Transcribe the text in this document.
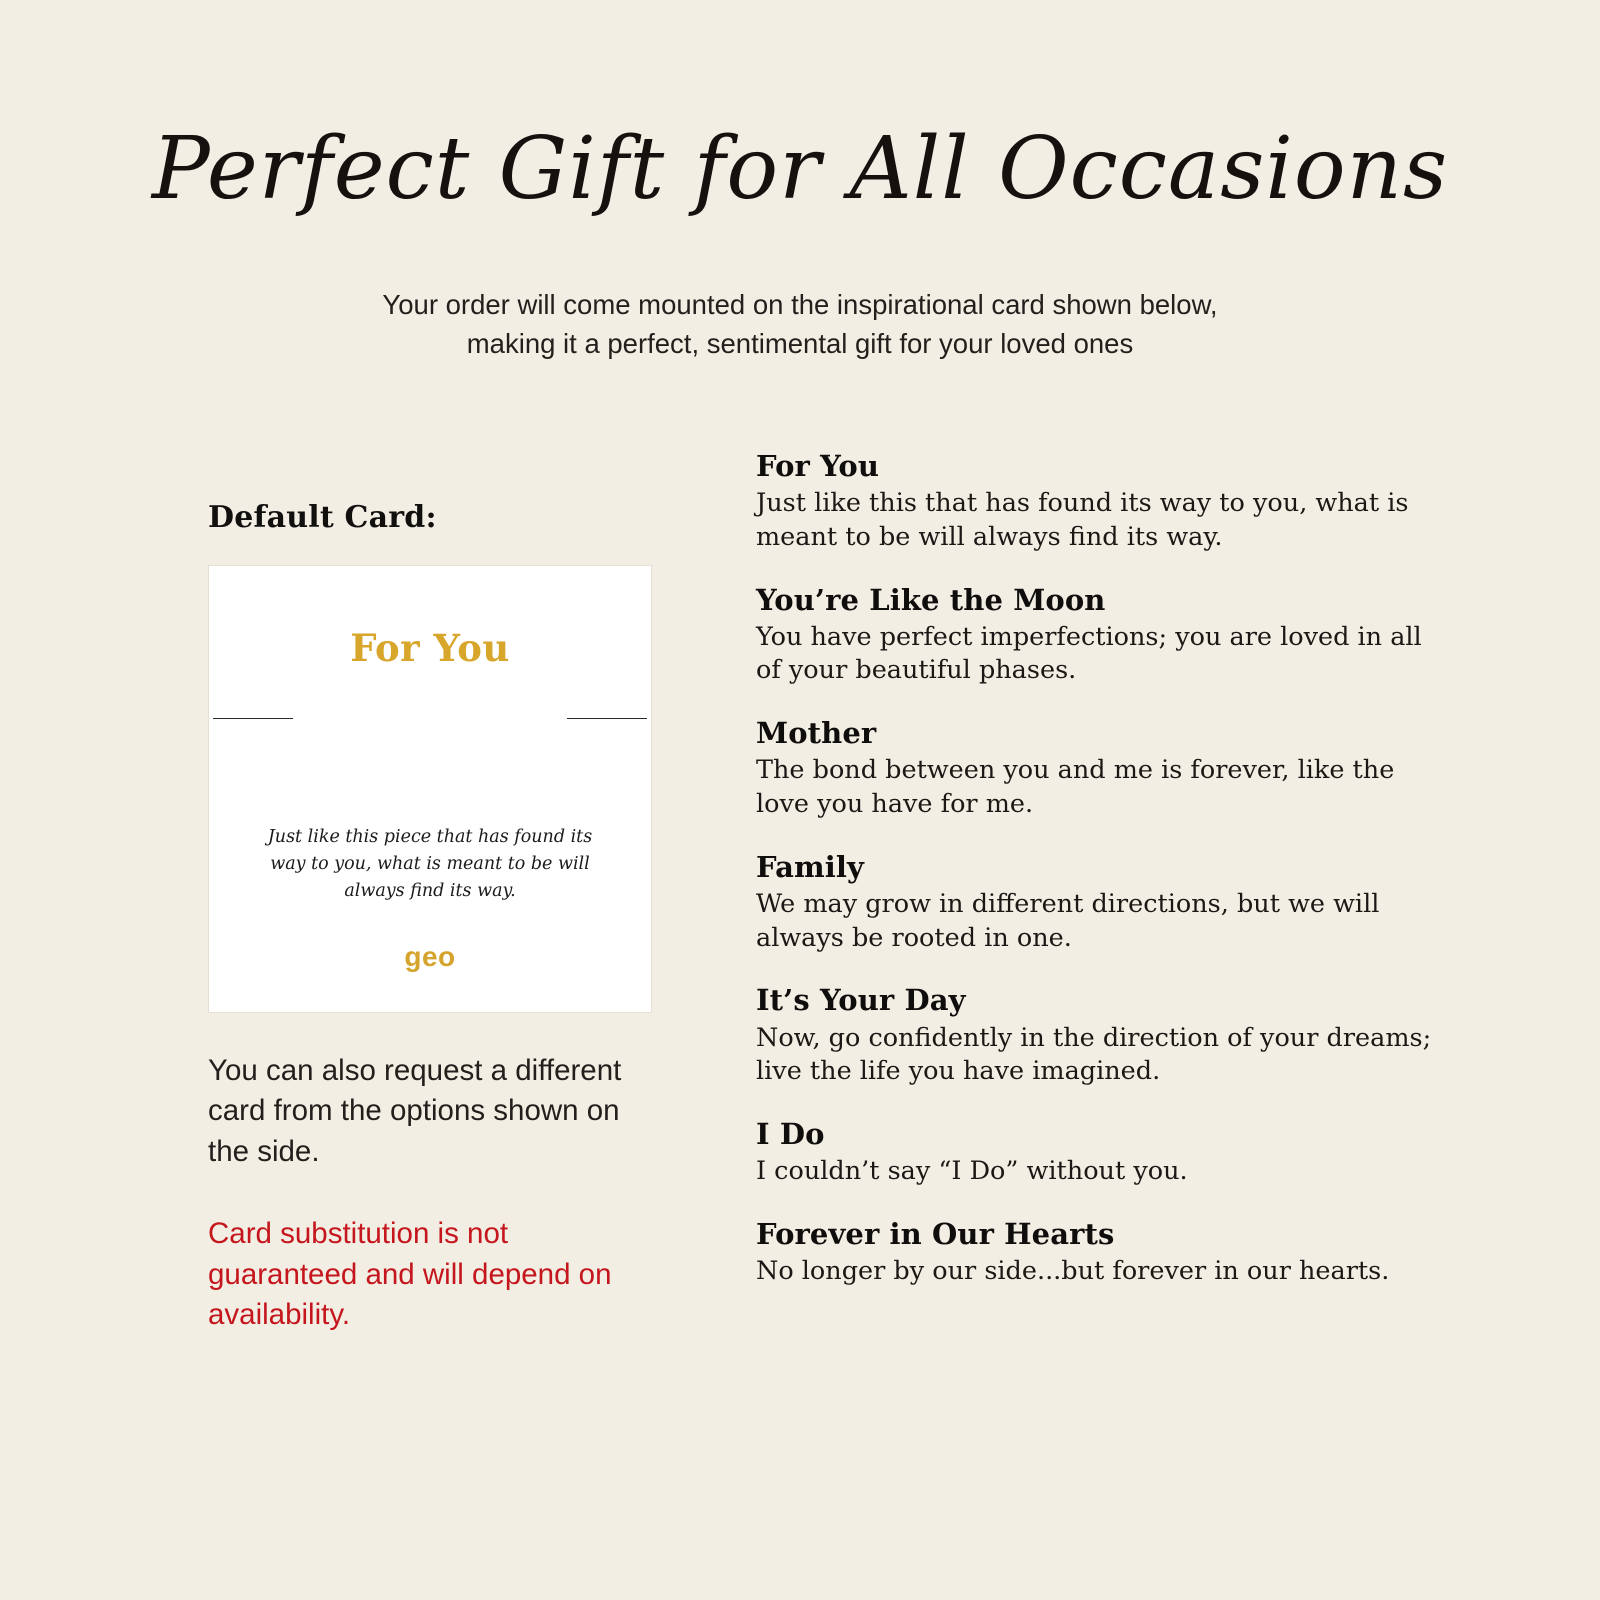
Perfect Gift for All Occasions
Your order will come mounted on the inspirational card shown below,
making it a perfect, sentimental gift for your loved ones
Default Card:
For You
Just like this piece that has found its way to you, what is meant to be will always find its way.
geo
You can also request a different card from the options shown on the side.
Card substitution is not guaranteed and will depend on availability.
For You
Just like this that has found its way to you, what is meant to be will always find its way.
You’re Like the Moon
You have perfect imperfections; you are loved in all of your beautiful phases.
Mother
The bond between you and me is forever, like the love you have for me.
Family
We may grow in different directions, but we will always be rooted in one.
It’s Your Day
Now, go confidently in the direction of your dreams; live the life you have imagined.
I Do
I couldn’t say “I Do” without you.
Forever in Our Hearts
No longer by our side...but forever in our hearts.
